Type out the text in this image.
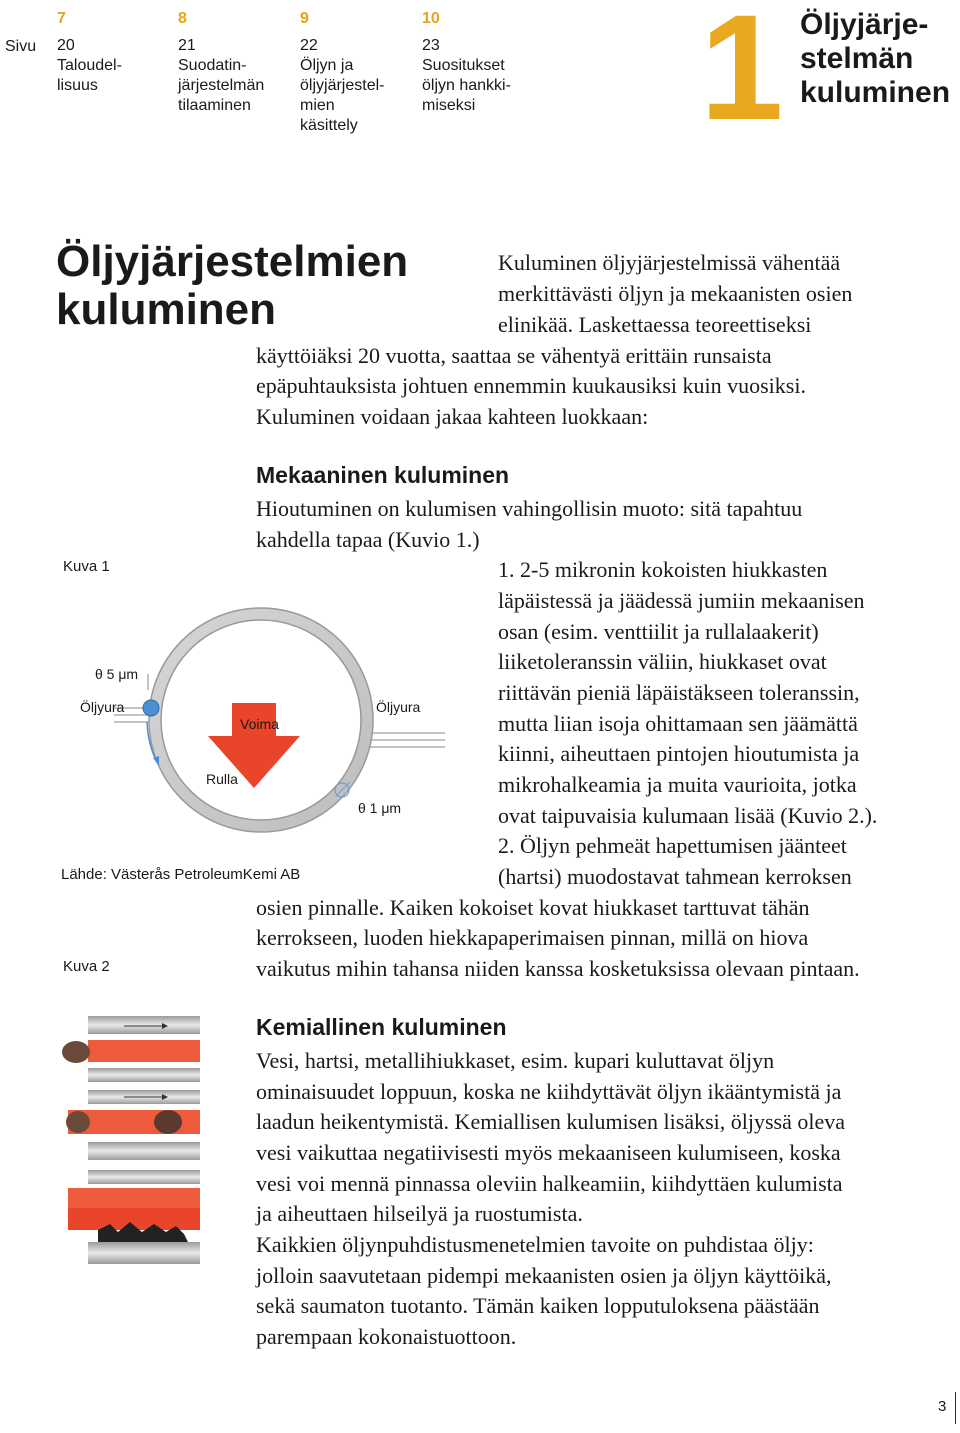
Sivu
7
20
Taloudel-
lisuus
8
21
Suodatin-
järjestelmän
tilaaminen
9
22
Öljyn ja
öljyjärjestel-
mien
käsittely
10
23
Suositukset
öljyn hankki-
miseksi 1 Öljyjärje-
stelmän
kuluminen
Öljyjärjestelmien
kuluminen
Kuluminen öljyjärjestelmissä vähentää
merkittävästi öljyn ja mekaanisten osien
elinikää. Laskettaessa teoreettiseksi
käyttöiäksi 20 vuotta, saattaa se vähentyä erittäin runsaista
epäpuhtauksista johtuen ennemmin kuukausiksi kuin vuosiksi.
Kuluminen voidaan jakaa kahteen luokkaan:
Mekaaninen kuluminen
Hioutuminen on kulumisen vahingollisin muoto: sitä tapahtuu
kahdella tapaa (Kuvio 1.)
1. 2-5 mikronin kokoisten hiukkasten
läpäistessä ja jäädessä jumiin mekaanisen
osan (esim. venttiilit ja rullalaakerit)
liiketoleranssin väliin, hiukkaset ovat
riittävän pieniä läpäistäkseen toleranssin,
mutta liian isoja ohittamaan sen jäämättä
kiinni, aiheuttaen pintojen hioutumista ja
mikrohalkeamia ja muita vaurioita, jotka
ovat taipuvaisia kulumaan lisää (Kuvio 2.).
2. Öljyn pehmeät hapettumisen jäänteet
(hartsi) muodostavat tahmean kerroksen
osien pinnalle. Kaiken kokoiset kovat hiukkaset tarttuvat tähän
kerrokseen, luoden hiekkapaperimaisen pinnan, millä on hiova
vaikutus mihin tahansa niiden kanssa kosketuksissa olevaan pintaan.
Kemiallinen kuluminen
Vesi, hartsi, metallihiukkaset, esim. kupari kuluttavat öljyn
ominaisuudet loppuun, koska ne kiihdyttävät öljyn ikääntymistä ja
laadun heikentymistä. Kemiallisen kulumisen lisäksi, öljyssä oleva
vesi vaikuttaa negatiivisesti myös mekaaniseen kulumiseen, koska
vesi voi mennä pinnassa oleviin halkeamiin, kiihdyttäen kulumista
ja aiheuttaen hilseilyä ja ruostumista.
Kaikkien öljynpuhdistusmenetelmien tavoite on puhdistaa öljy:
jolloin saavutetaan pidempi mekaanisten osien ja öljyn käyttöikä,
sekä saumaton tuotanto. Tämän kaiken lopputuloksena päästään
parempaan kokonaistuottoon.
Kuva 1
θ 5 μm
Öljyura
Voima
Rulla
Öljyura
θ 1 μm
Lähde: Västerås PetroleumKemi AB
Kuva 2
3
